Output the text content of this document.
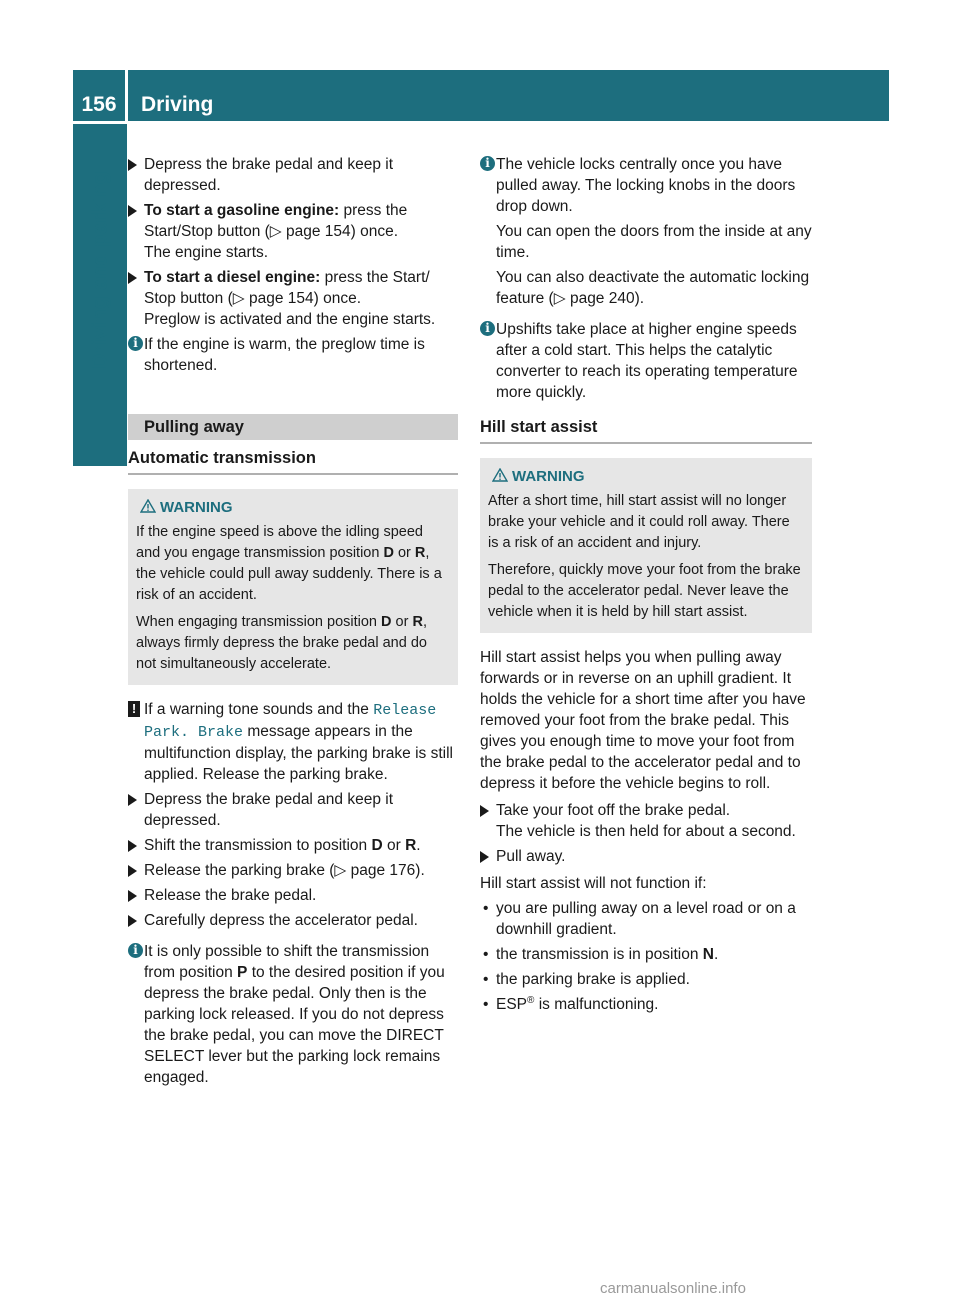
156	Driving
Driving and parking
Depress the brake pedal and keep it depressed.
To start a gasoline engine: press the Start/Stop button (▷ page 154) once.
The engine starts.
To start a diesel engine: press the Start/ Stop button (▷ page 154) once.
Preglow is activated and the engine starts.
i If the engine is warm, the preglow time is shortened.
Pulling away
Automatic transmission
WARNING

If the engine speed is above the idling speed and you engage transmission position D or R, the vehicle could pull away suddenly. There is a risk of an accident.

When engaging transmission position D or R, always firmly depress the brake pedal and do not simultaneously accelerate.

! If a warning tone sounds and the Release Park. Brake message appears in the multifunction display, the parking brake is still applied. Release the parking brake.
Depress the brake pedal and keep it depressed.
Shift the transmission to position D or R.
Release the parking brake (▷ page 176).
Release the brake pedal.
Carefully depress the accelerator pedal.
i It is only possible to shift the transmission from position P to the desired position if you depress the brake pedal. Only then is the parking lock released. If you do not depress the brake pedal, you can move the DIRECT SELECT lever but the parking lock remains engaged.
i The vehicle locks centrally once you have pulled away. The locking knobs in the doors drop down.
You can open the doors from the inside at any time.
You can also deactivate the automatic locking feature (▷ page 240).
i Upshifts take place at higher engine speeds after a cold start. This helps the catalytic converter to reach its operating temperature more quickly.
Hill start assist
WARNING

After a short time, hill start assist will no longer brake your vehicle and it could roll away. There is a risk of an accident and injury.

Therefore, quickly move your foot from the brake pedal to the accelerator pedal. Never leave the vehicle when it is held by hill start assist.

Hill start assist helps you when pulling away forwards or in reverse on an uphill gradient. It holds the vehicle for a short time after you have removed your foot from the brake pedal. This gives you enough time to move your foot from the brake pedal to the accelerator pedal and to depress it before the vehicle begins to roll.

Take your foot off the brake pedal.
The vehicle is then held for about a second.
Pull away.

Hill start assist will not function if:

• you are pulling away on a level road or on a downhill gradient.
• the transmission is in position N.
• the parking brake is applied.
• ESP® is malfunctioning.
carmanualsonline.info
